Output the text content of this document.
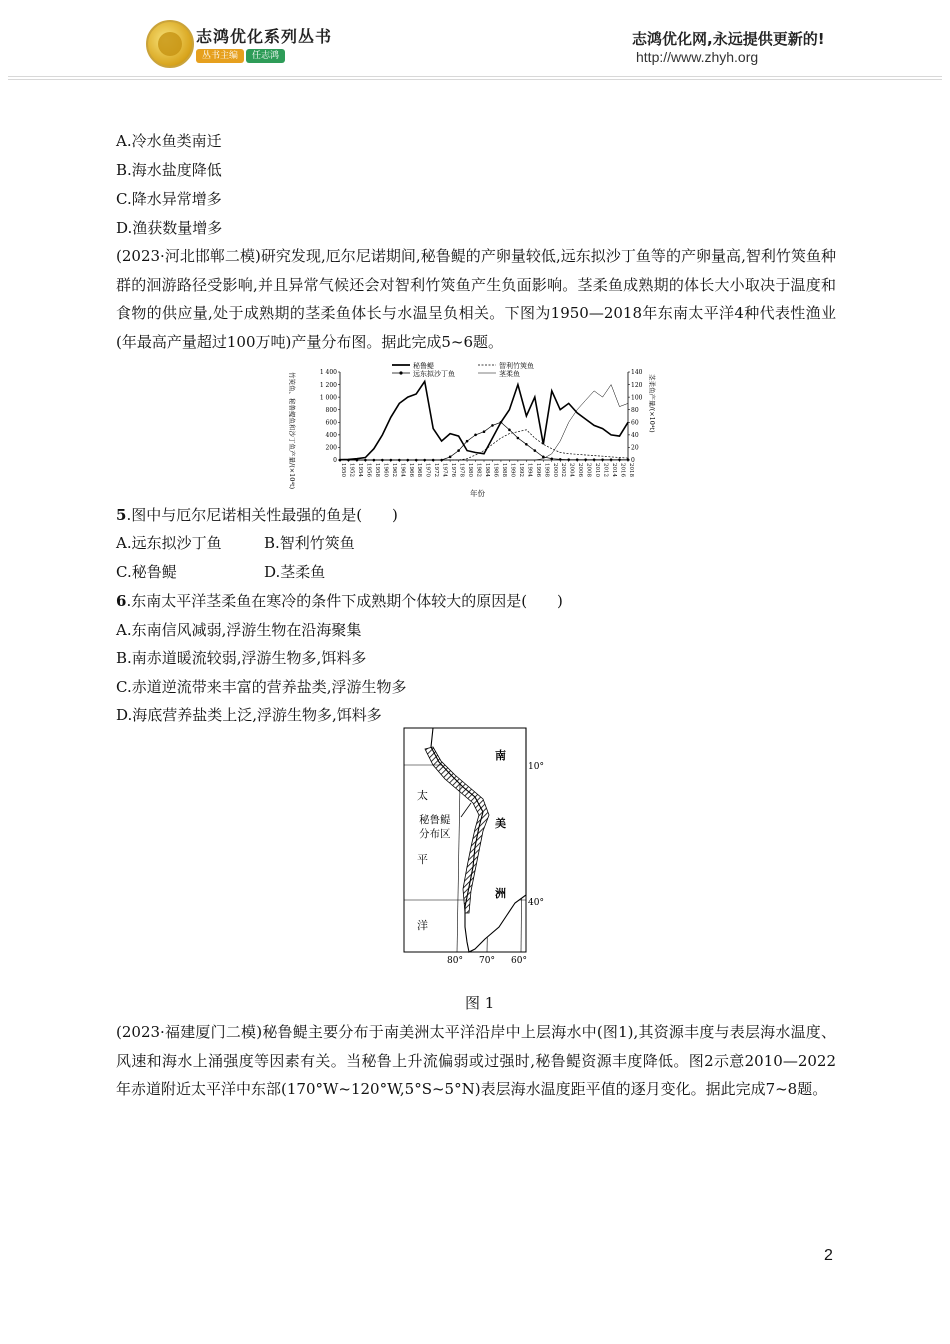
志鸿优化系列丛书
丛书主编	任志鸿
志鸿优化网,永远提供更新的!
http://www.zhyh.org
A.冷水鱼类南迁
B.海水盐度降低
C.降水异常增多
D.渔获数量增多
(2023·河北邯郸二模)研究发现,厄尔尼诺期间,秘鲁鳀的产卵量较低,远东拟沙丁鱼等的产卵量高,智利竹筴鱼种群的洄游路径受影响,并且异常气候还会对智利竹筴鱼产生负面影响。茎柔鱼成熟期的体长大小取决于温度和食物的供应量,处于成熟期的茎柔鱼体长与水温呈负相关。下图为1950—2018年东南太平洋4种代表性渔业(年最高产量超过100万吨)产量分布图。据此完成5~6题。
秘鲁鳀	智利竹筴鱼
远东拟沙丁鱼	茎柔鱼
0
200
400
600
800
1 000
1 200
1 400
0
20
40
60
80
100
120
140
1950 1952 1954 1956 1958 1960 1962 1964 1966 1968 1970 1972 1974 1976 1978 1980 1982 1984 1986 1988 1990 1992 1994 1996 1998 2000 2002 2004 2006 2008 2010 2012 2014 2016 2018
竹筴鱼、秘鲁鳀鱼和沙丁鱼产量/(×10⁴t)	茎柔鱼产量/(×10⁴t)
年份
5.图中与厄尔尼诺相关性最强的鱼是(　　)
A.远东拟沙丁鱼	B.智利竹筴鱼
C.秘鲁鳀	D.茎柔鱼
6.东南太平洋茎柔鱼在寒冷的条件下成熟期个体较大的原因是(　　)
A.东南信风减弱,浮游生物在沿海聚集
B.南赤道暖流较弱,浮游生物多,饵料多
C.赤道逆流带来丰富的营养盐类,浮游生物多
D.海底营养盐类上泛,浮游生物多,饵料多
南
美
洲
太
平
洋
秘鲁鳀
分布区
10°
40°
80° 70° 60°
图 1
(2023·福建厦门二模)秘鲁鳀主要分布于南美洲太平洋沿岸中上层海水中(图1),其资源丰度与表层海水温度、风速和海水上涌强度等因素有关。当秘鲁上升流偏弱或过强时,秘鲁鳀资源丰度降低。图2示意2010—2022年赤道附近太平洋中东部(170°W~120°W,5°S~5°N)表层海水温度距平值的逐月变化。据此完成7~8题。
2
